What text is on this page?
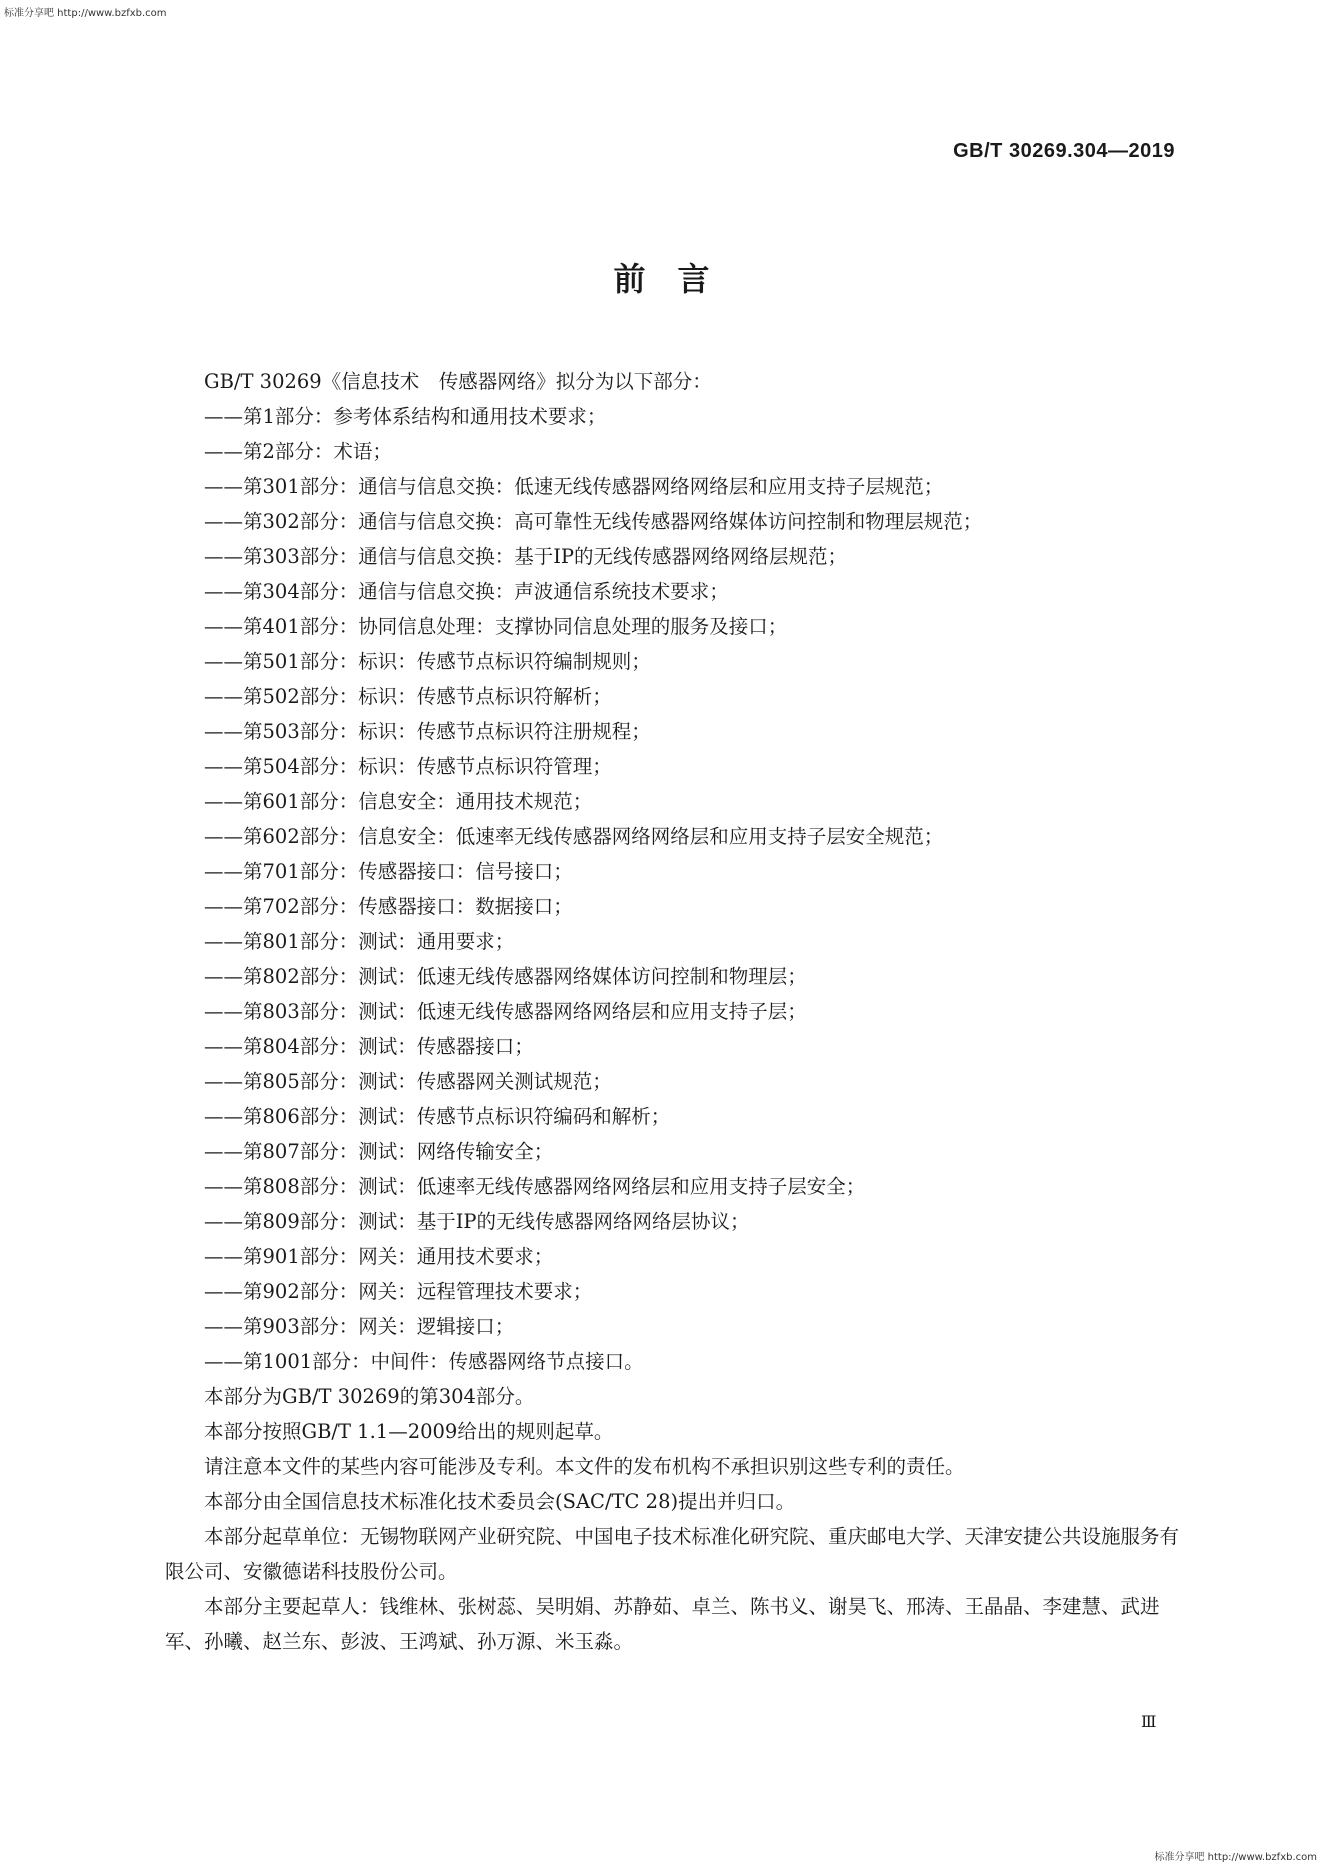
标准分享吧 http://www.bzfxb.com
GB/T 30269.304—2019
前言

GB/T 30269《信息技术　传感器网络》拟分为以下部分：

——第1部分：参考体系结构和通用技术要求；
——第2部分：术语；
——第301部分：通信与信息交换：低速无线传感器网络网络层和应用支持子层规范；
——第302部分：通信与信息交换：高可靠性无线传感器网络媒体访问控制和物理层规范；
——第303部分：通信与信息交换：基于IP的无线传感器网络网络层规范；
——第304部分：通信与信息交换：声波通信系统技术要求；
——第401部分：协同信息处理：支撑协同信息处理的服务及接口；
——第501部分：标识：传感节点标识符编制规则；
——第502部分：标识：传感节点标识符解析；
——第503部分：标识：传感节点标识符注册规程；
——第504部分：标识：传感节点标识符管理；
——第601部分：信息安全：通用技术规范；
——第602部分：信息安全：低速率无线传感器网络网络层和应用支持子层安全规范；
——第701部分：传感器接口：信号接口；
——第702部分：传感器接口：数据接口；
——第801部分：测试：通用要求；
——第802部分：测试：低速无线传感器网络媒体访问控制和物理层；
——第803部分：测试：低速无线传感器网络网络层和应用支持子层；
——第804部分：测试：传感器接口；
——第805部分：测试：传感器网关测试规范；
——第806部分：测试：传感节点标识符编码和解析；
——第807部分：测试：网络传输安全；
——第808部分：测试：低速率无线传感器网络网络层和应用支持子层安全；
——第809部分：测试：基于IP的无线传感器网络网络层协议；
——第901部分：网关：通用技术要求；
——第902部分：网关：远程管理技术要求；
——第903部分：网关：逻辑接口；
——第1001部分：中间件：传感器网络节点接口。

本部分为GB/T 30269的第304部分。

本部分按照GB/T 1.1—2009给出的规则起草。

请注意本文件的某些内容可能涉及专利。本文件的发布机构不承担识别这些专利的责任。

本部分由全国信息技术标准化技术委员会(SAC/TC 28)提出并归口。

本部分起草单位：无锡物联网产业研究院、中国电子技术标准化研究院、重庆邮电大学、天津安捷公共设施服务有限公司、安徽德诺科技股份公司。

本部分主要起草人：钱维林、张树蕊、吴明娟、苏静茹、卓兰、陈书义、谢昊飞、邢涛、王晶晶、李建慧、武进军、孙曦、赵兰东、彭波、王鸿斌、孙万源、米玉淼。

Ⅲ
标准分享吧 http://www.bzfxb.com
